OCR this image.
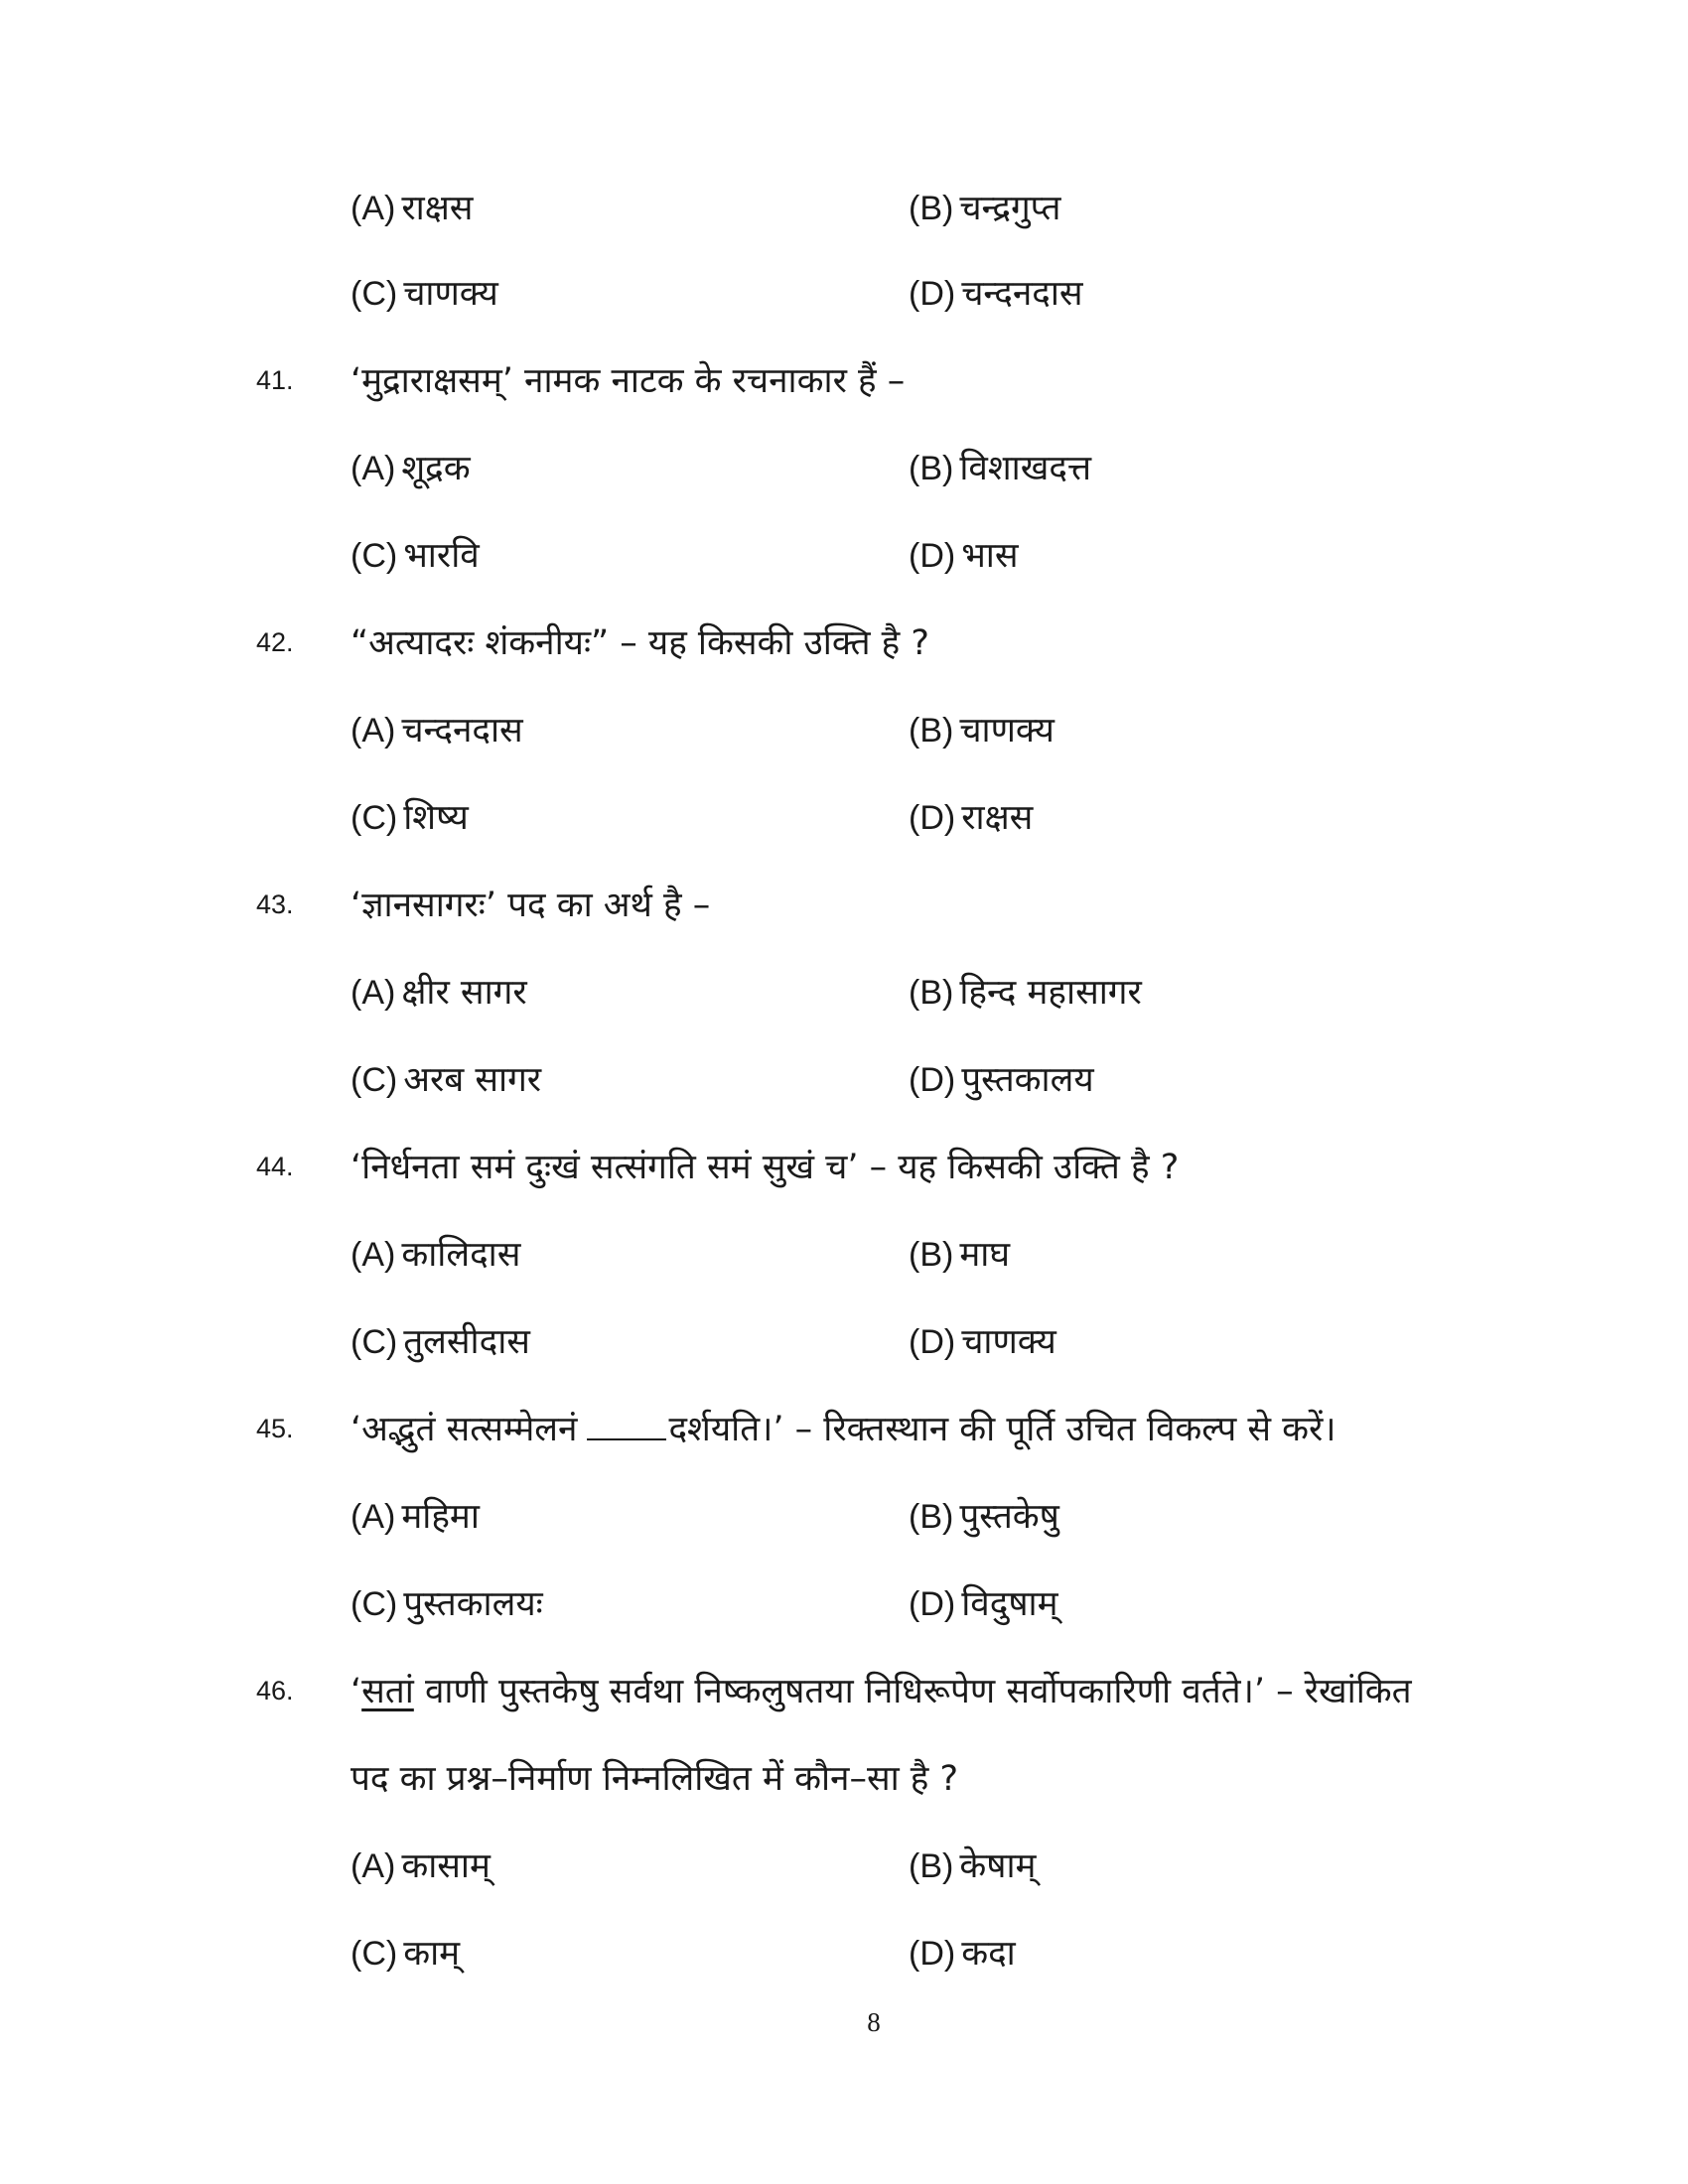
(A) राक्षस	(B) चन्द्रगुप्त
(C) चाणक्य	(D) चन्दनदास
41. ‘मुद्राराक्षसम्’ नामक नाटक के रचनाकार हैं –
(A) शूद्रक	(B) विशाखदत्त
(C) भारवि	(D) भास
42. “अत्यादरः शंकनीयः” – यह किसकी उक्ति है ?
(A) चन्दनदास	(B) चाणक्य
(C) शिष्य	(D) राक्षस
43. ‘ज्ञानसागरः’ पद का अर्थ है –
(A) क्षीर सागर	(B) हिन्द महासागर
(C) अरब सागर	(D) पुस्तकालय
44. ‘निर्धनता समं दुःखं सत्संगति समं सुखं च’ – यह किसकी उक्ति है ?
(A) कालिदास	(B) माघ
(C) तुलसीदास	(D) चाणक्य
45. ‘अद्भुतं सत्सम्मेलनं	दर्शयति।’ – रिक्तस्थान की पूर्ति उचित विकल्प से करें।
(A) महिमा	(B) पुस्तकेषु
(C) पुस्तकालयः	(D) विदुषाम्
46. ‘सतां वाणी पुस्तकेषु सर्वथा निष्कलुषतया निधिरूपेण सर्वोपकारिणी वर्तते।’ – रेखांकित
पद का प्रश्न–निर्माण निम्नलिखित में कौन–सा है ?
(A) कासाम्	(B) केषाम्
(C) काम्	(D) कदा
8
